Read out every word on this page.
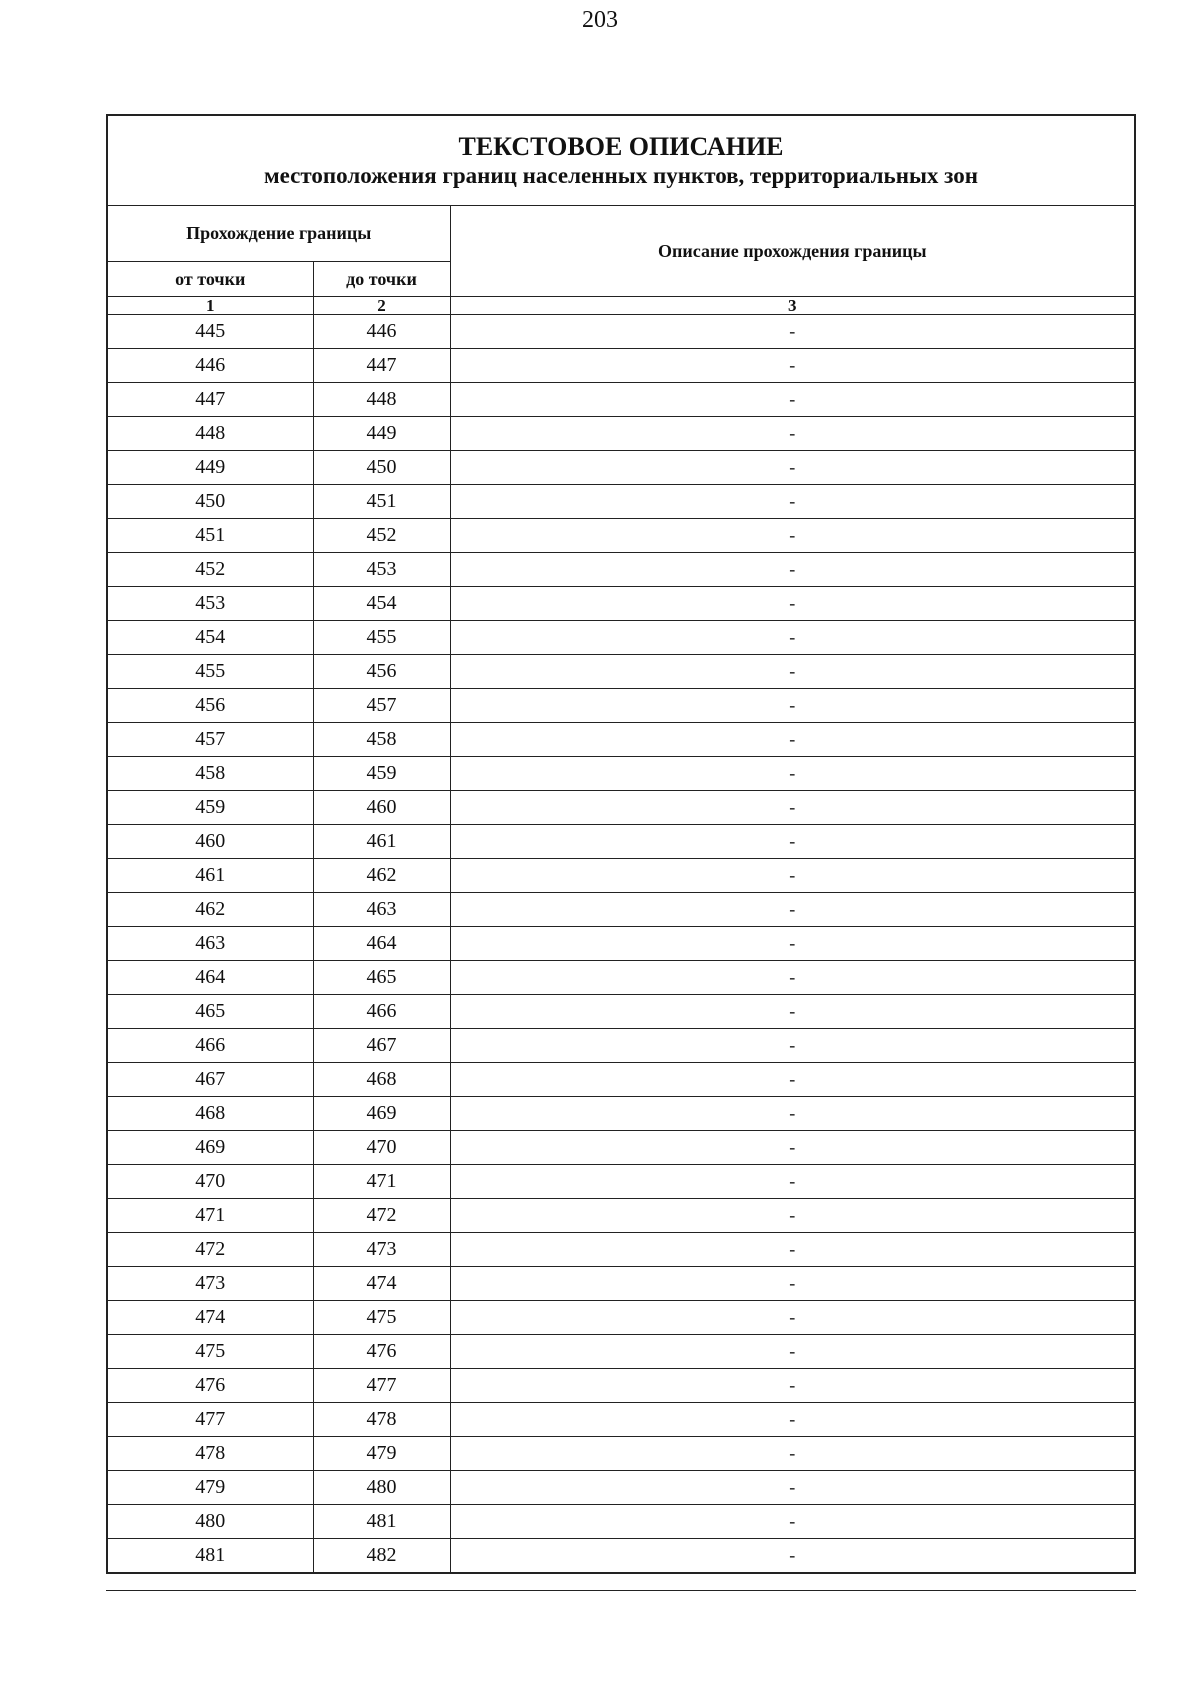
203
ТЕКСТОВОЕ ОПИСАНИЕ
местоположения границ населенных пунктов, территориальных зон		

Прохождение границы		Описание прохождения границы
от точки	до точки	
1	2	3
445	446	-
446	447	-
447	448	-
448	449	-
449	450	-
450	451	-
451	452	-
452	453	-
453	454	-
454	455	-
455	456	-
456	457	-
457	458	-
458	459	-
459	460	-
460	461	-
461	462	-
462	463	-
463	464	-
464	465	-
465	466	-
466	467	-
467	468	-
468	469	-
469	470	-
470	471	-
471	472	-
472	473	-
473	474	-
474	475	-
475	476	-
476	477	-
477	478	-
478	479	-
479	480	-
480	481	-
481	482	-
